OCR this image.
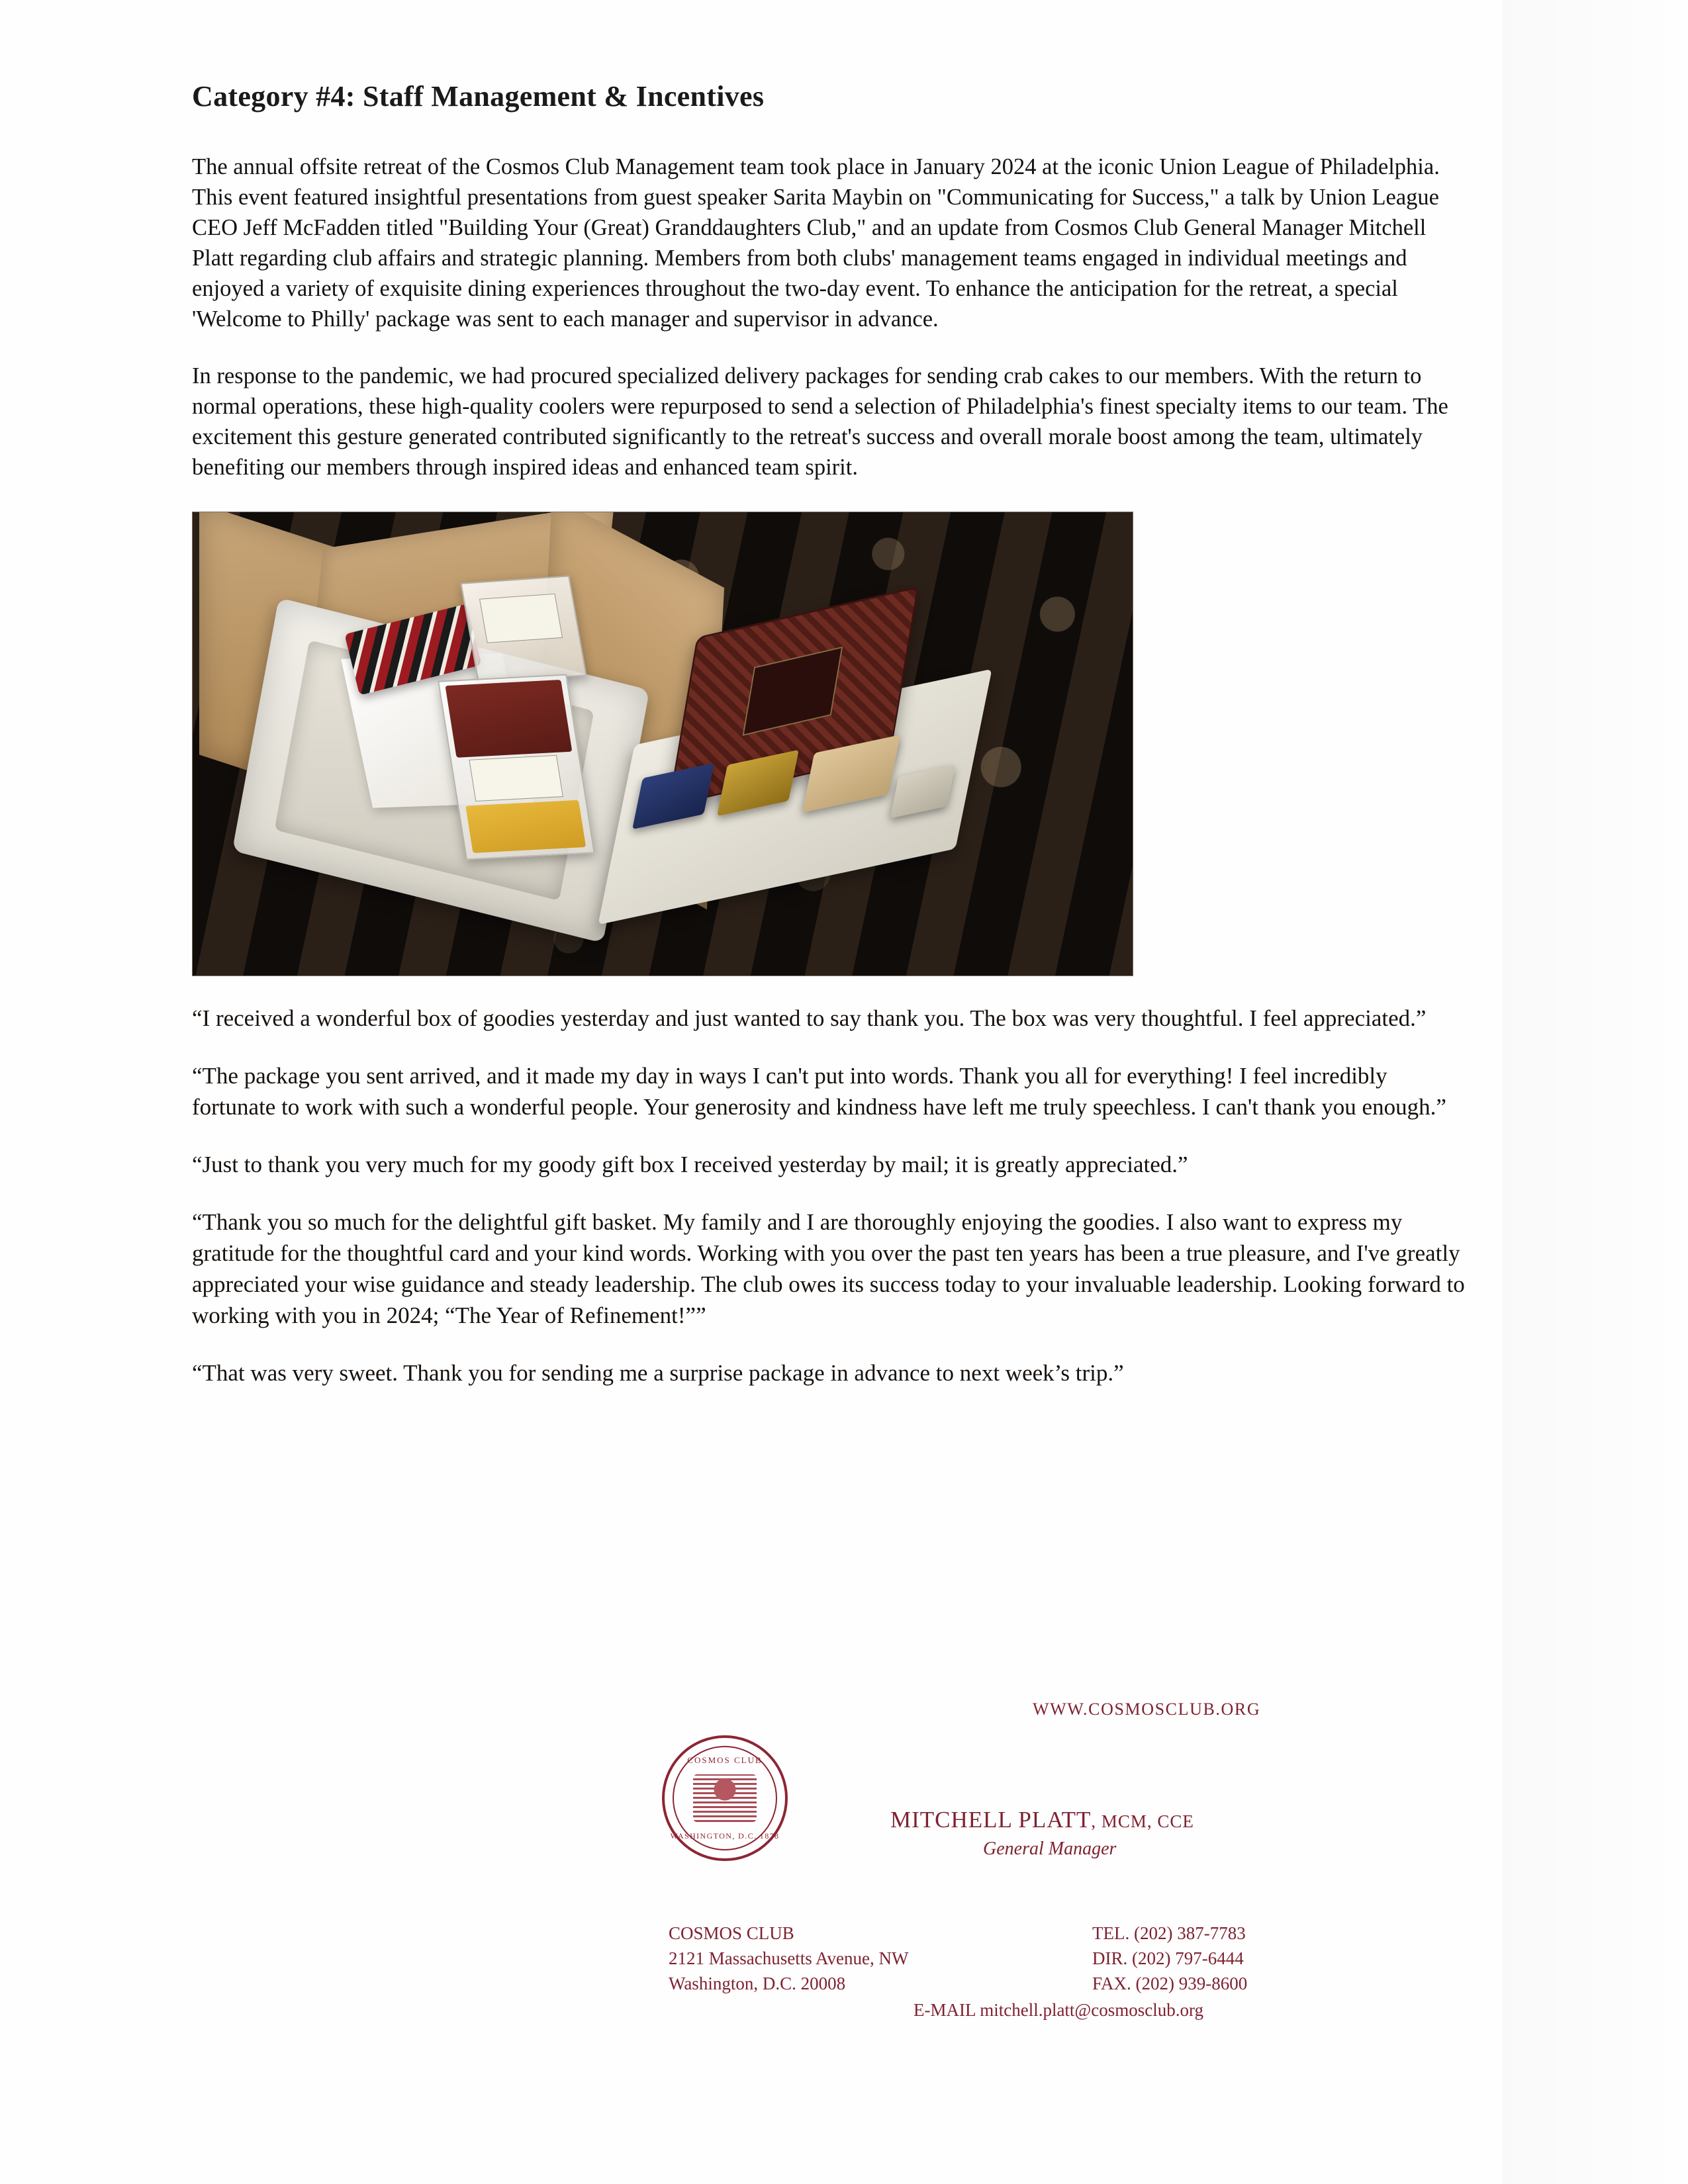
Category #4: Staff Management & Incentives

The annual offsite retreat of the Cosmos Club Management team took place in January 2024 at the iconic Union League of Philadelphia. This event featured insightful presentations from guest speaker Sarita Maybin on "Communicating for Success," a talk by Union League CEO Jeff McFadden titled "Building Your (Great) Granddaughters Club," and an update from Cosmos Club General Manager Mitchell Platt regarding club affairs and strategic planning. Members from both clubs' management teams engaged in individual meetings and enjoyed a variety of exquisite dining experiences throughout the two-day event. To enhance the anticipation for the retreat, a special 'Welcome to Philly' package was sent to each manager and supervisor in advance.

In response to the pandemic, we had procured specialized delivery packages for sending crab cakes to our members. With the return to normal operations, these high-quality coolers were repurposed to send a selection of Philadelphia's finest specialty items to our team. The excitement this gesture generated contributed significantly to the retreat's success and overall morale boost among the team, ultimately benefiting our members through inspired ideas and enhanced team spirit.

“I received a wonderful box of goodies yesterday and just wanted to say thank you. The box was very thoughtful. I feel appreciated.”

“The package you sent arrived, and it made my day in ways I can't put into words. Thank you all for everything! I feel incredibly fortunate to work with such a wonderful people. Your generosity and kindness have left me truly speechless. I can't thank you enough.”

“Just to thank you very much for my goody gift box I received yesterday by mail; it is greatly appreciated.”

“Thank you so much for the delightful gift basket. My family and I are thoroughly enjoying the goodies. I also want to express my gratitude for the thoughtful card and your kind words. Working with you over the past ten years has been a true pleasure, and I've greatly appreciated your wise guidance and steady leadership. The club owes its success today to your invaluable leadership. Looking forward to working with you in 2024; “The Year of Refinement!””

“That was very sweet. Thank you for sending me a surprise package in advance to next week’s trip.”

WWW.COSMOSCLUB.ORG
COSMOS CLUB
WASHINGTON, D.C. 1878
MITCHELL PLATT, MCM, CCE
General Manager
COSMOS CLUB
2121 Massachusetts Avenue, NW
Washington, D.C. 20008
TEL. (202) 387-7783
DIR. (202) 797-6444
FAX. (202) 939-8600
E-MAIL mitchell.platt@cosmosclub.org
